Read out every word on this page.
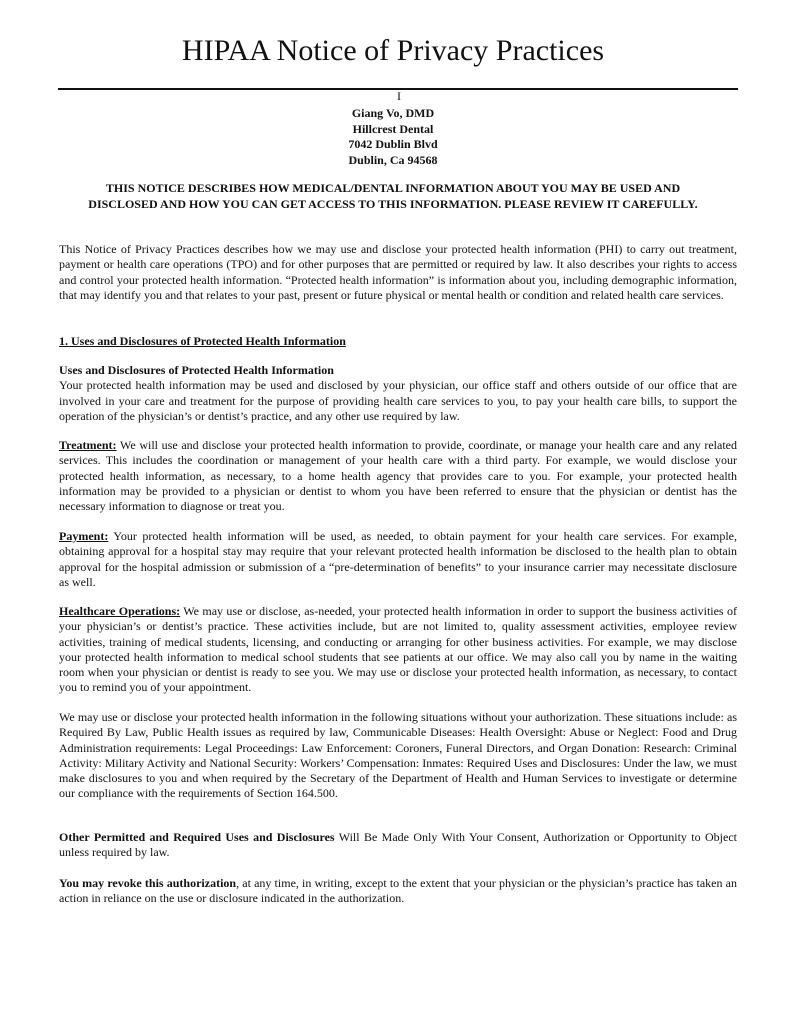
HIPAA Notice of Privacy Practices
I
Giang Vo, DMD
Hillcrest Dental
7042 Dublin Blvd
Dublin, Ca 94568
THIS NOTICE DESCRIBES HOW MEDICAL/DENTAL INFORMATION ABOUT YOU MAY BE USED AND DISCLOSED AND HOW YOU CAN GET ACCESS TO THIS INFORMATION. PLEASE REVIEW IT CAREFULLY.

This Notice of Privacy Practices describes how we may use and disclose your protected health information (PHI) to carry out treatment, payment or health care operations (TPO) and for other purposes that are permitted or required by law. It also describes your rights to access and control your protected health information. “Protected health information” is information about you, including demographic information, that may identify you and that relates to your past, present or future physical or mental health or condition and related health care services.

1. Uses and Disclosures of Protected Health Information

Uses and Disclosures of Protected Health Information

Your protected health information may be used and disclosed by your physician, our office staff and others outside of our office that are involved in your care and treatment for the purpose of providing health care services to you, to pay your health care bills, to support the operation of the physician’s or dentist’s practice, and any other use required by law.

Treatment: We will use and disclose your protected health information to provide, coordinate, or manage your health care and any related services. This includes the coordination or management of your health care with a third party. For example, we would disclose your protected health information, as necessary, to a home health agency that provides care to you. For example, your protected health information may be provided to a physician or dentist to whom you have been referred to ensure that the physician or dentist has the necessary information to diagnose or treat you.

Payment: Your protected health information will be used, as needed, to obtain payment for your health care services. For example, obtaining approval for a hospital stay may require that your relevant protected health information be disclosed to the health plan to obtain approval for the hospital admission or submission of a “pre-determination of benefits” to your insurance carrier may necessitate disclosure as well.

Healthcare Operations: We may use or disclose, as-needed, your protected health information in order to support the business activities of your physician’s or dentist’s practice. These activities include, but are not limited to, quality assessment activities, employee review activities, training of medical students, licensing, and conducting or arranging for other business activities. For example, we may disclose your protected health information to medical school students that see patients at our office. We may also call you by name in the waiting room when your physician or dentist is ready to see you. We may use or disclose your protected health information, as necessary, to contact you to remind you of your appointment.

We may use or disclose your protected health information in the following situations without your authorization. These situations include: as Required By Law, Public Health issues as required by law, Communicable Diseases: Health Oversight: Abuse or Neglect: Food and Drug Administration requirements: Legal Proceedings: Law Enforcement: Coroners, Funeral Directors, and Organ Donation: Research: Criminal Activity: Military Activity and National Security: Workers’ Compensation: Inmates: Required Uses and Disclosures: Under the law, we must make disclosures to you and when required by the Secretary of the Department of Health and Human Services to investigate or determine our compliance with the requirements of Section 164.500.

Other Permitted and Required Uses and Disclosures Will Be Made Only With Your Consent, Authorization or Opportunity to Object unless required by law.

You may revoke this authorization, at any time, in writing, except to the extent that your physician or the physician’s practice has taken an action in reliance on the use or disclosure indicated in the authorization.
